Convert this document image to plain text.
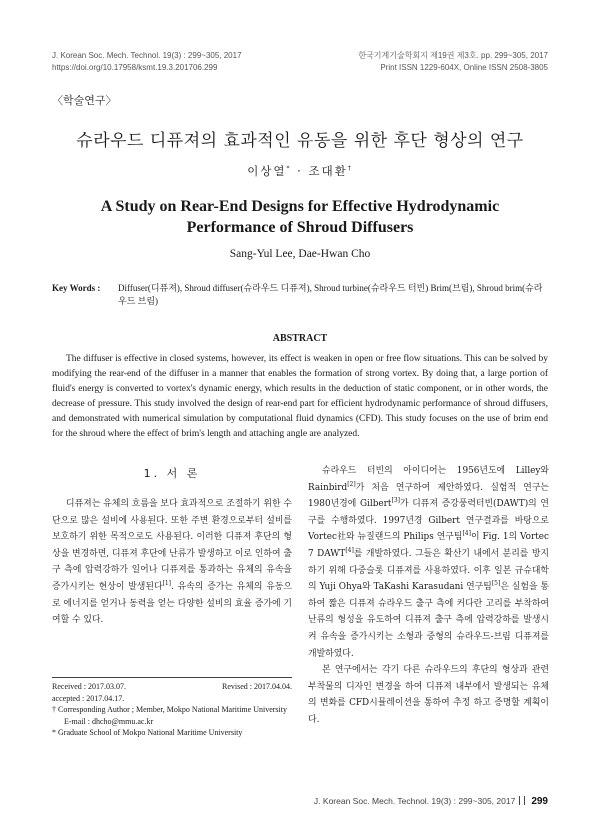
J. Korean Soc. Mech. Technol. 19(3) : 299~305, 2017
https://doi.org/10.17958/ksmt.19.3.201706.299
한국기계기술학회지 제19권 제3호. pp. 299~305, 2017
Print ISSN 1229-604X, Online ISSN 2508-3805
〈학술연구〉
슈라우드 디퓨져의 효과적인 유동을 위한 후단 형상의 연구
이상열* · 조대환†
A Study on Rear-End Designs for Effective Hydrodynamic Performance of Shroud Diffusers
Sang-Yul Lee, Dae-Hwan Cho
Key Words : Diffuser(디퓨져), Shroud diffuser(슈라우드 디퓨져), Shroud turbine(슈라우드 터빈) Brim(브림), Shroud brim(슈라우드 브림)
ABSTRACT
The diffuser is effective in closed systems, however, its effect is weaken in open or free flow situations. This can be solved by modifying the rear-end of the diffuser in a manner that enables the formation of strong vortex. By doing that, a large portion of fluid's energy is converted to vortex's dynamic energy, which results in the deduction of static component, or in other words, the decrease of pressure. This study involved the design of rear-end part for efficient hydrodynamic performance of shroud diffusers, and demonstrated with numerical simulation by computational fluid dynamics (CFD). This study focuses on the use of brim end for the shroud where the effect of brim's length and attaching angle are analyzed.
1. 서 론

디퓨져는 유체의 흐름을 보다 효과적으로 조절하기 위한 수단으로 많은 설비에 사용된다. 또한 주변 환경으로부터 설비를 보호하기 위한 목적으로도 사용된다. 이러한 디퓨져 후단의 형상을 변경하면, 디퓨져 후단에 난류가 발생하고 이로 인하여 출구 측에 압력강하가 일어나 디퓨져를 통과하는 유체의 유속을 증가시키는 현상이 발생된다[1]. 유속의 증가는 유체의 유동으로 에너지를 얻거나 동력을 얻는 다양한 설비의 효율 증가에 기여할 수 있다.

슈라우드 터빈의 아이디어는 1956년도에 Lilley와 Rainbird[2]가 처음 연구하여 제안하였다. 실험적 연구는 1980년경에 Gilbert[3]가 디퓨져 증강풍력터빈(DAWT)의 연구를 수행하였다. 1997년경 Gilbert 연구결과를 바탕으로 Vortec社와 뉴질랜드의 Philips 연구팀[4]이 Fig. 1의 Vortec 7 DAWT[4]를 개발하였다. 그들은 확산기 내에서 분리를 방지하기 위해 다중슬롯 디퓨져를 사용하였다. 이후 일본 규슈대학의 Yuji Ohya와 TaKashi Karasudani 연구팀[5]은 실험을 통하여 짧은 디퓨져 슈라우드 출구 측에 커다란 고리를 부착하여 난류의 형성을 유도하여 디퓨져 출구 측에 압력강하를 발생시켜 유속을 증가시키는 소형과 중형의 슈라우드-브림 디퓨져를 개발하였다.

본 연구에서는 각기 다른 슈라우드의 후단의 형상과 관련 부착물의 디자인 변경을 하여 디퓨져 내부에서 발생되는 유체의 변화를 CFD시뮬레이션을 통하여 추정 하고 증명할 계획이다.

Received : 2017.03.07.	Revised : 2017.04.04.
accepted : 2017.04.17.
† Corresponding Author ; Member, Mokpo National Maritime University
E-mail : dhcho@mmu.ac.kr
* Graduate School of Mokpo National Maritime University
J. Korean Soc. Mech. Technol. 19(3) : 299~305, 2017 299
